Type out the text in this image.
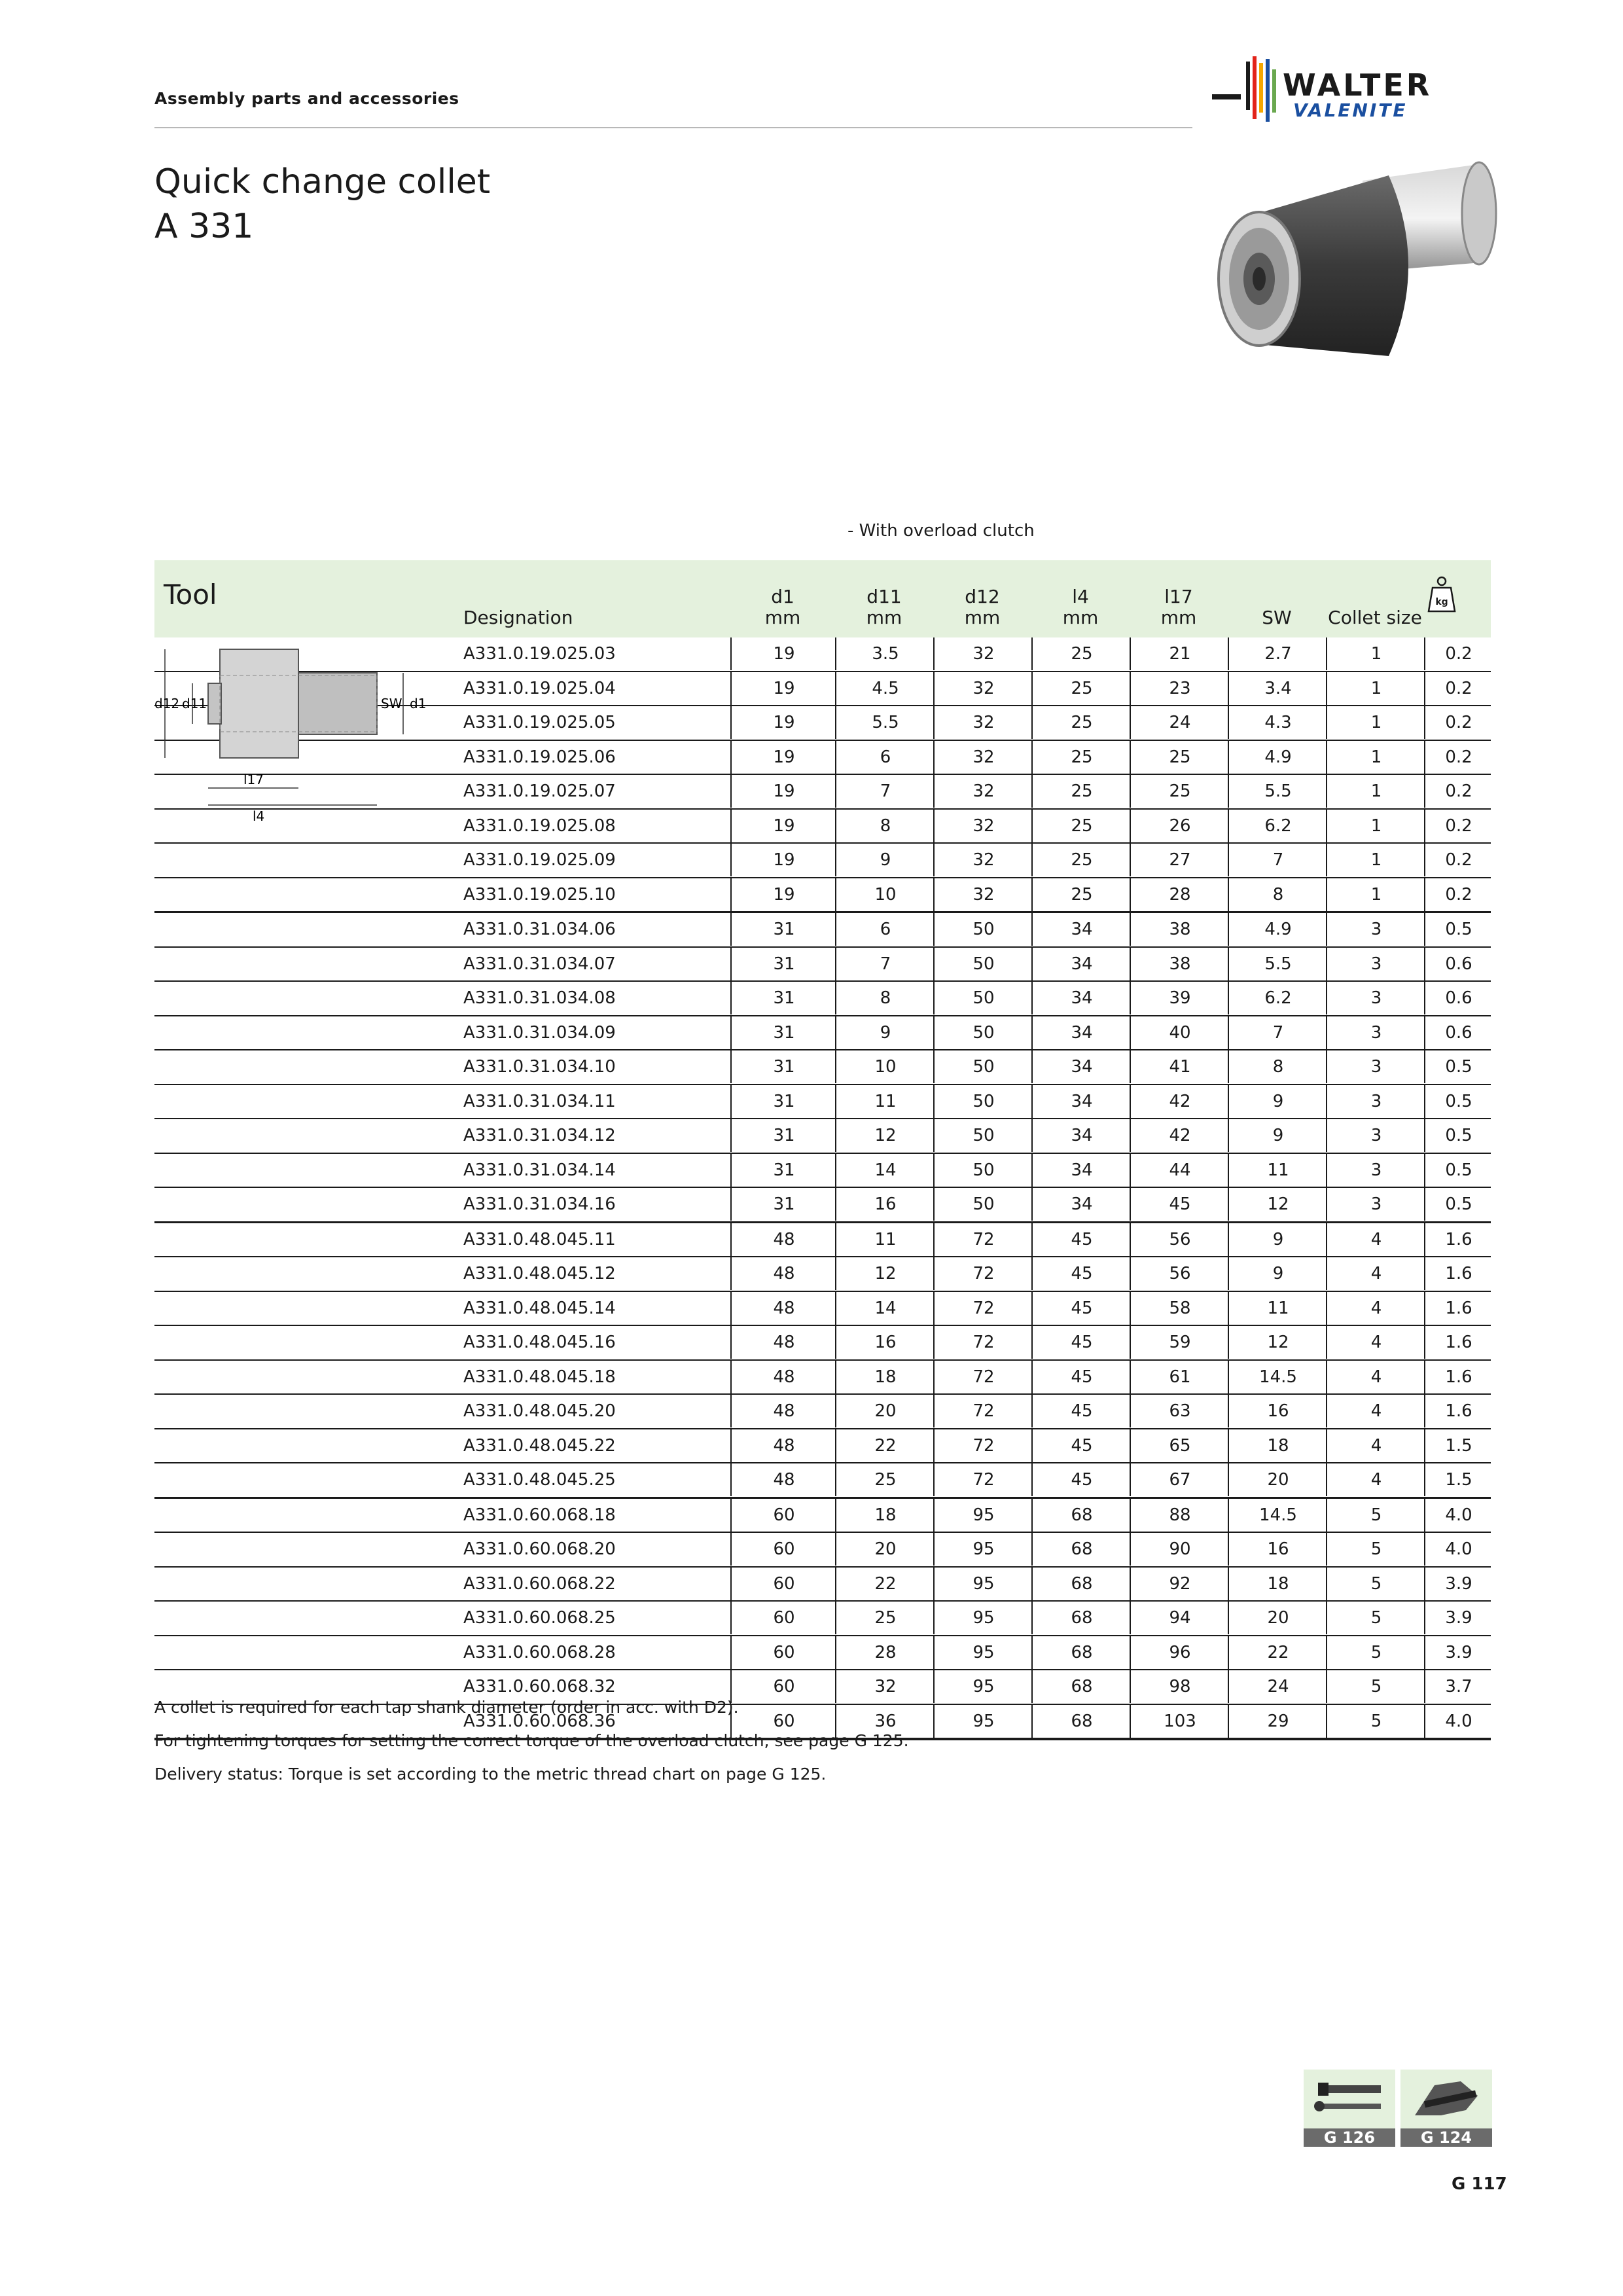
Assembly parts and accessories	WALTER
VALENITE
Quick change collet
A 331
- With overload clutch
Tool
Designation
d1
mm
d11
mm
d12
mm
l4
mm
l17
mm	SW	Collet size
kg
A331.0.19.025.03	19	3.5	32	25	21	2.7	1	0.2
A331.0.19.025.04	19	4.5	32	25	23	3.4	1	0.2
A331.0.19.025.05	19	5.5	32	25	24	4.3	1	0.2
A331.0.19.025.06	19	6	32	25	25	4.9	1	0.2
A331.0.19.025.07	19	7	32	25	25	5.5	1	0.2
A331.0.19.025.08	19	8	32	25	26	6.2	1	0.2
A331.0.19.025.09	19	9	32	25	27	7	1	0.2
A331.0.19.025.10	19	10	32	25	28	8	1	0.2
A331.0.31.034.06	31	6	50	34	38	4.9	3	0.5
A331.0.31.034.07	31	7	50	34	38	5.5	3	0.6
A331.0.31.034.08	31	8	50	34	39	6.2	3	0.6
A331.0.31.034.09	31	9	50	34	40	7	3	0.6
A331.0.31.034.10	31	10	50	34	41	8	3	0.5
A331.0.31.034.11	31	11	50	34	42	9	3	0.5
A331.0.31.034.12	31	12	50	34	42	9	3	0.5
A331.0.31.034.14	31	14	50	34	44	11	3	0.5
A331.0.31.034.16	31	16	50	34	45	12	3	0.5
A331.0.48.045.11	48	11	72	45	56	9	4	1.6
A331.0.48.045.12	48	12	72	45	56	9	4	1.6
A331.0.48.045.14	48	14	72	45	58	11	4	1.6
A331.0.48.045.16	48	16	72	45	59	12	4	1.6
A331.0.48.045.18	48	18	72	45	61	14.5	4	1.6
A331.0.48.045.20	48	20	72	45	63	16	4	1.6
A331.0.48.045.22	48	22	72	45	65	18	4	1.5
A331.0.48.045.25	48	25	72	45	67	20	4	1.5
A331.0.60.068.18	60	18	95	68	88	14.5	5	4.0
A331.0.60.068.20	60	20	95	68	90	16	5	4.0
A331.0.60.068.22	60	22	95	68	92	18	5	3.9
A331.0.60.068.25	60	25	95	68	94	20	5	3.9
A331.0.60.068.28	60	28	95	68	96	22	5	3.9
A331.0.60.068.32	60	32	95	68	98	24	5	3.7
A331.0.60.068.36	60	36	95	68	103	29	5	4.0
d12 d11	SW d1
l17
l4
A collet is required for each tap shank diameter (order in acc. with D2).
For tightening torques for setting the correct torque of the overload clutch, see page G 125.
Delivery status: Torque is set according to the metric thread chart on page G 125.
G 126	G 124
G 117
